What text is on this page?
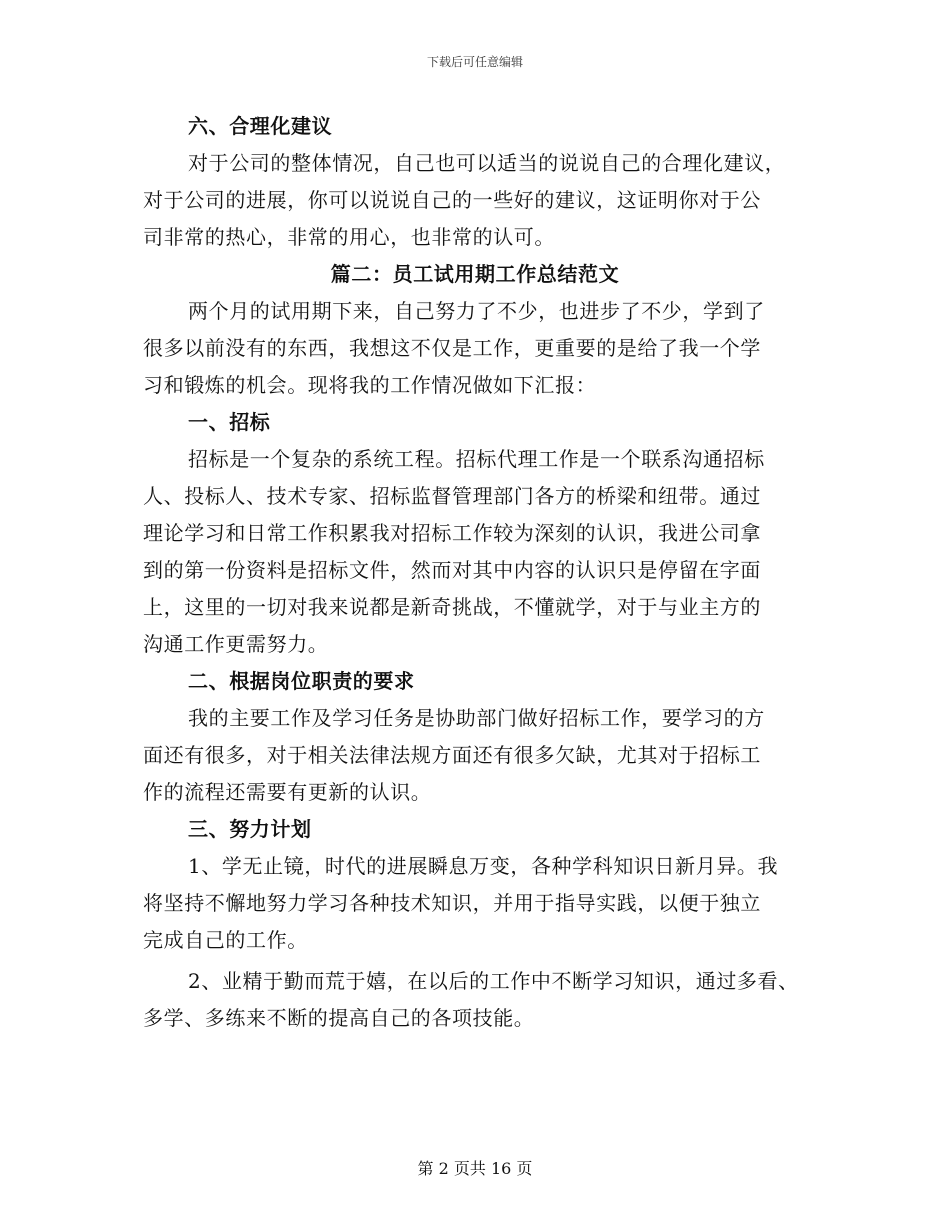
下载后可任意编辑
六、合理化建议
对于公司的整体情况，自己也可以适当的说说自己的合理化建议，
对于公司的进展，你可以说说自己的一些好的建议，这证明你对于公
司非常的热心，非常的用心，也非常的认可。
篇二：员工试用期工作总结范文
两个月的试用期下来，自己努力了不少，也进步了不少，学到了
很多以前没有的东西，我想这不仅是工作，更重要的是给了我一个学
习和锻炼的机会。现将我的工作情况做如下汇报：
一、招标
招标是一个复杂的系统工程。招标代理工作是一个联系沟通招标
人、投标人、技术专家、招标监督管理部门各方的桥梁和纽带。通过
理论学习和日常工作积累我对招标工作较为深刻的认识，我进公司拿
到的第一份资料是招标文件，然而对其中内容的认识只是停留在字面
上，这里的一切对我来说都是新奇挑战，不懂就学，对于与业主方的
沟通工作更需努力。
二、根据岗位职责的要求
我的主要工作及学习任务是协助部门做好招标工作，要学习的方
面还有很多，对于相关法律法规方面还有很多欠缺，尤其对于招标工
作的流程还需要有更新的认识。
三、努力计划
1、学无止镜，时代的进展瞬息万变，各种学科知识日新月异。我
将坚持不懈地努力学习各种技术知识，并用于指导实践，以便于独立
完成自己的工作。
2、业精于勤而荒于嬉，在以后的工作中不断学习知识，通过多看、
多学、多练来不断的提高自己的各项技能。
第 2 页共 16 页
